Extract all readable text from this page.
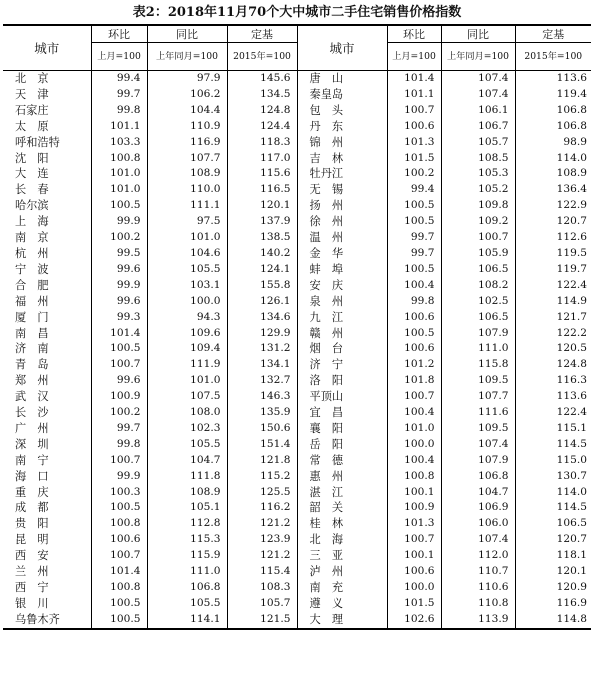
表2：2018年11月70个大中城市二手住宅销售价格指数
城市	环比	同比	定基	城市	环比	同比	定基
	上月=100	上年同月=100	2015年=100		上月=100	上年同月=100	2015年=100
北　京	99.4	97.9	145.6	唐　山	101.4	107.4	113.6
天　津	99.7	106.2	134.5	秦皇岛	101.1	107.4	119.4
石家庄	99.8	104.4	124.8	包　头	100.7	106.1	106.8
太　原	101.1	110.9	124.4	丹　东	100.6	106.7	106.8
呼和浩特	103.3	116.9	118.3	锦　州	101.3	105.7	98.9
沈　阳	100.8	107.7	117.0	吉　林	101.5	108.5	114.0
大　连	101.0	108.9	115.6	牡丹江	100.2	105.3	108.9
长　春	101.0	110.0	116.5	无　锡	99.4	105.2	136.4
哈尔滨	100.5	111.1	120.1	扬　州	100.5	109.8	122.9
上　海	99.9	97.5	137.9	徐　州	100.5	109.2	120.7
南　京	100.2	101.0	138.5	温　州	99.7	100.7	112.6
杭　州	99.5	104.6	140.2	金　华	99.7	105.9	119.5
宁　波	99.6	105.5	124.1	蚌　埠	100.5	106.5	119.7
合　肥	99.9	103.1	155.8	安　庆	100.4	108.2	122.4
福　州	99.6	100.0	126.1	泉　州	99.8	102.5	114.9
厦　门	99.3	94.3	134.6	九　江	100.6	106.5	121.7
南　昌	101.4	109.6	129.9	赣　州	100.5	107.9	122.2
济　南	100.5	109.4	131.2	烟　台	100.6	111.0	120.5
青　岛	100.7	111.9	134.1	济　宁	101.2	115.8	124.8
郑　州	99.6	101.0	132.7	洛　阳	101.8	109.5	116.3
武　汉	100.9	107.5	146.3	平顶山	100.7	107.7	113.6
长　沙	100.2	108.0	135.9	宜　昌	100.4	111.6	122.4
广　州	99.7	102.3	150.6	襄　阳	101.0	109.5	115.1
深　圳	99.8	105.5	151.4	岳　阳	100.0	107.4	114.5
南　宁	100.7	104.7	121.8	常　德	100.4	107.9	115.0
海　口	99.9	111.8	115.2	惠　州	100.8	106.8	130.7
重　庆	100.3	108.9	125.5	湛　江	100.1	104.7	114.0
成　都	100.5	105.1	116.2	韶　关	100.9	106.9	114.5
贵　阳	100.8	112.8	121.2	桂　林	101.3	106.0	106.5
昆　明	100.6	115.3	123.9	北　海	100.7	107.4	120.7
西　安	100.7	115.9	121.2	三　亚	100.1	112.0	118.1
兰　州	101.4	111.0	115.4	泸　州	100.6	110.7	120.1
西　宁	100.8	106.8	108.3	南　充	100.0	110.6	120.9
银　川	100.5	105.5	105.7	遵　义	101.5	110.8	116.9
乌鲁木齐	100.5	114.1	121.5	大　理	102.6	113.9	114.8
